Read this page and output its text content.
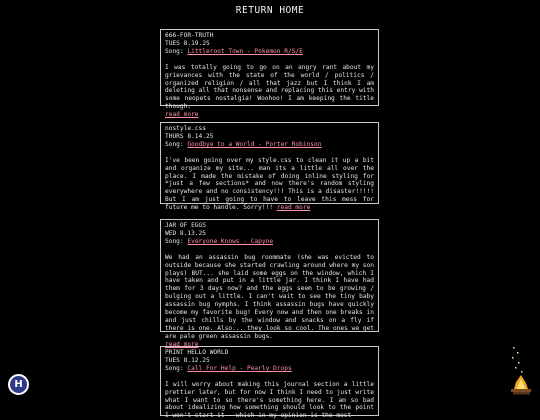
RETURN HOME
666-FOR-TRUTH
TUES 8.19.25
Song: Littleroot Town - Pokemon R/S/E
I was totally going to go on an angry rant about my grievances with the state of the world / politics / organized religion / all that jazz but I think I am deleting all that nonsense and replacing this entry with some neopets nostalgia! Woohoo! I am keeping the title though.
read more
nostyle.css
THURS 8.14.25
Song: Goodbye to a World - Porter Robinson
I've been going over my style.css to clean it up a bit and organize my site... man its a little all over the place. I made the mistake of doing inline styling for *just a few sections* and now there's random styling everywhere and no consistency!!! This is a disaster!!!!! But I am just going to have to leave this mess for future me to handle. Sorry!!! read more
JAR OF EGGS
WED 8.13.25
Song: Everyone Knows - Capyne
We had an assassin bug roommate (she was evicted to outside because she started crawling around where my son plays) BUT... she laid some eggs on the window, which I have taken and put in a little jar. I think I have had them for 3 days now? and the eggs seem to be growing / bulging out a little. I can't wait to see the tiny baby assassin bug nymphs. I think assassin bugs have quickly become my favorite bug! Every now and then one breaks in and just chills by the window and snacks on a fly if there is one. Also... they look so cool. The ones we get are pale green assassin bugs.
read more
PRINT HELLO WORLD
TUES 8.12.25
Song: Call For Help - Pearly Drops
I will worry about making this journal section a little prettier later, but for now I think I need to just write what I want to so there's something here. I am so bad about idealizing how something should look to the point I won't start it - which in my opinion is the most
H
